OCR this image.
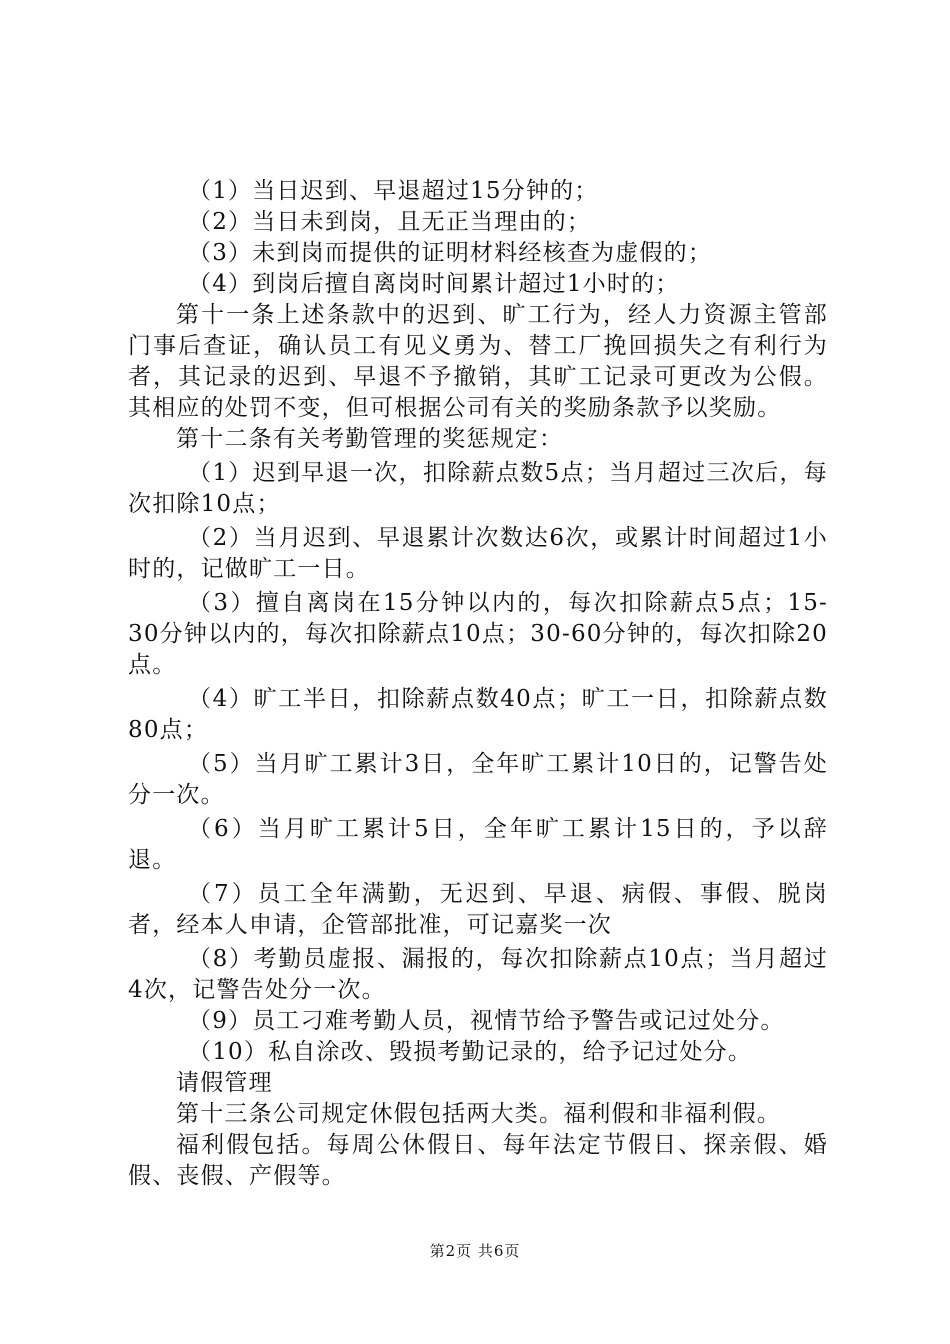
（1）当日迟到、早退超过15分钟的；

（2）当日未到岗，且无正当理由的；

（3）未到岗而提供的证明材料经核查为虚假的；

（4）到岗后擅自离岗时间累计超过1小时的；

第十一条上述条款中的迟到、旷工行为，经人力资源主管部门事后查证，确认员工有见义勇为、替工厂挽回损失之有利行为者，其记录的迟到、早退不予撤销，其旷工记录可更改为公假。其相应的处罚不变，但可根据公司有关的奖励条款予以奖励。

第十二条有关考勤管理的奖惩规定：

（1）迟到早退一次，扣除薪点数5点；当月超过三次后，每次扣除10点；

（2）当月迟到、早退累计次数达6次，或累计时间超过1小时的，记做旷工一日。

（3）擅自离岗在15分钟以内的，每次扣除薪点5点；15-30分钟以内的，每次扣除薪点10点；30-60分钟的，每次扣除20点。

（4）旷工半日，扣除薪点数40点；旷工一日，扣除薪点数80点；

（5）当月旷工累计3日，全年旷工累计10日的，记警告处分一次。

（6）当月旷工累计5日，全年旷工累计15日的，予以辞退。

（7）员工全年满勤，无迟到、早退、病假、事假、脱岗者，经本人申请，企管部批准，可记嘉奖一次

（8）考勤员虚报、漏报的，每次扣除薪点10点；当月超过4次，记警告处分一次。

（9）员工刁难考勤人员，视情节给予警告或记过处分。

（10）私自涂改、毁损考勤记录的，给予记过处分。

请假管理

第十三条公司规定休假包括两大类。福利假和非福利假。

福利假包括。每周公休假日、每年法定节假日、探亲假、婚假、丧假、产假等。

第2页 共6页
